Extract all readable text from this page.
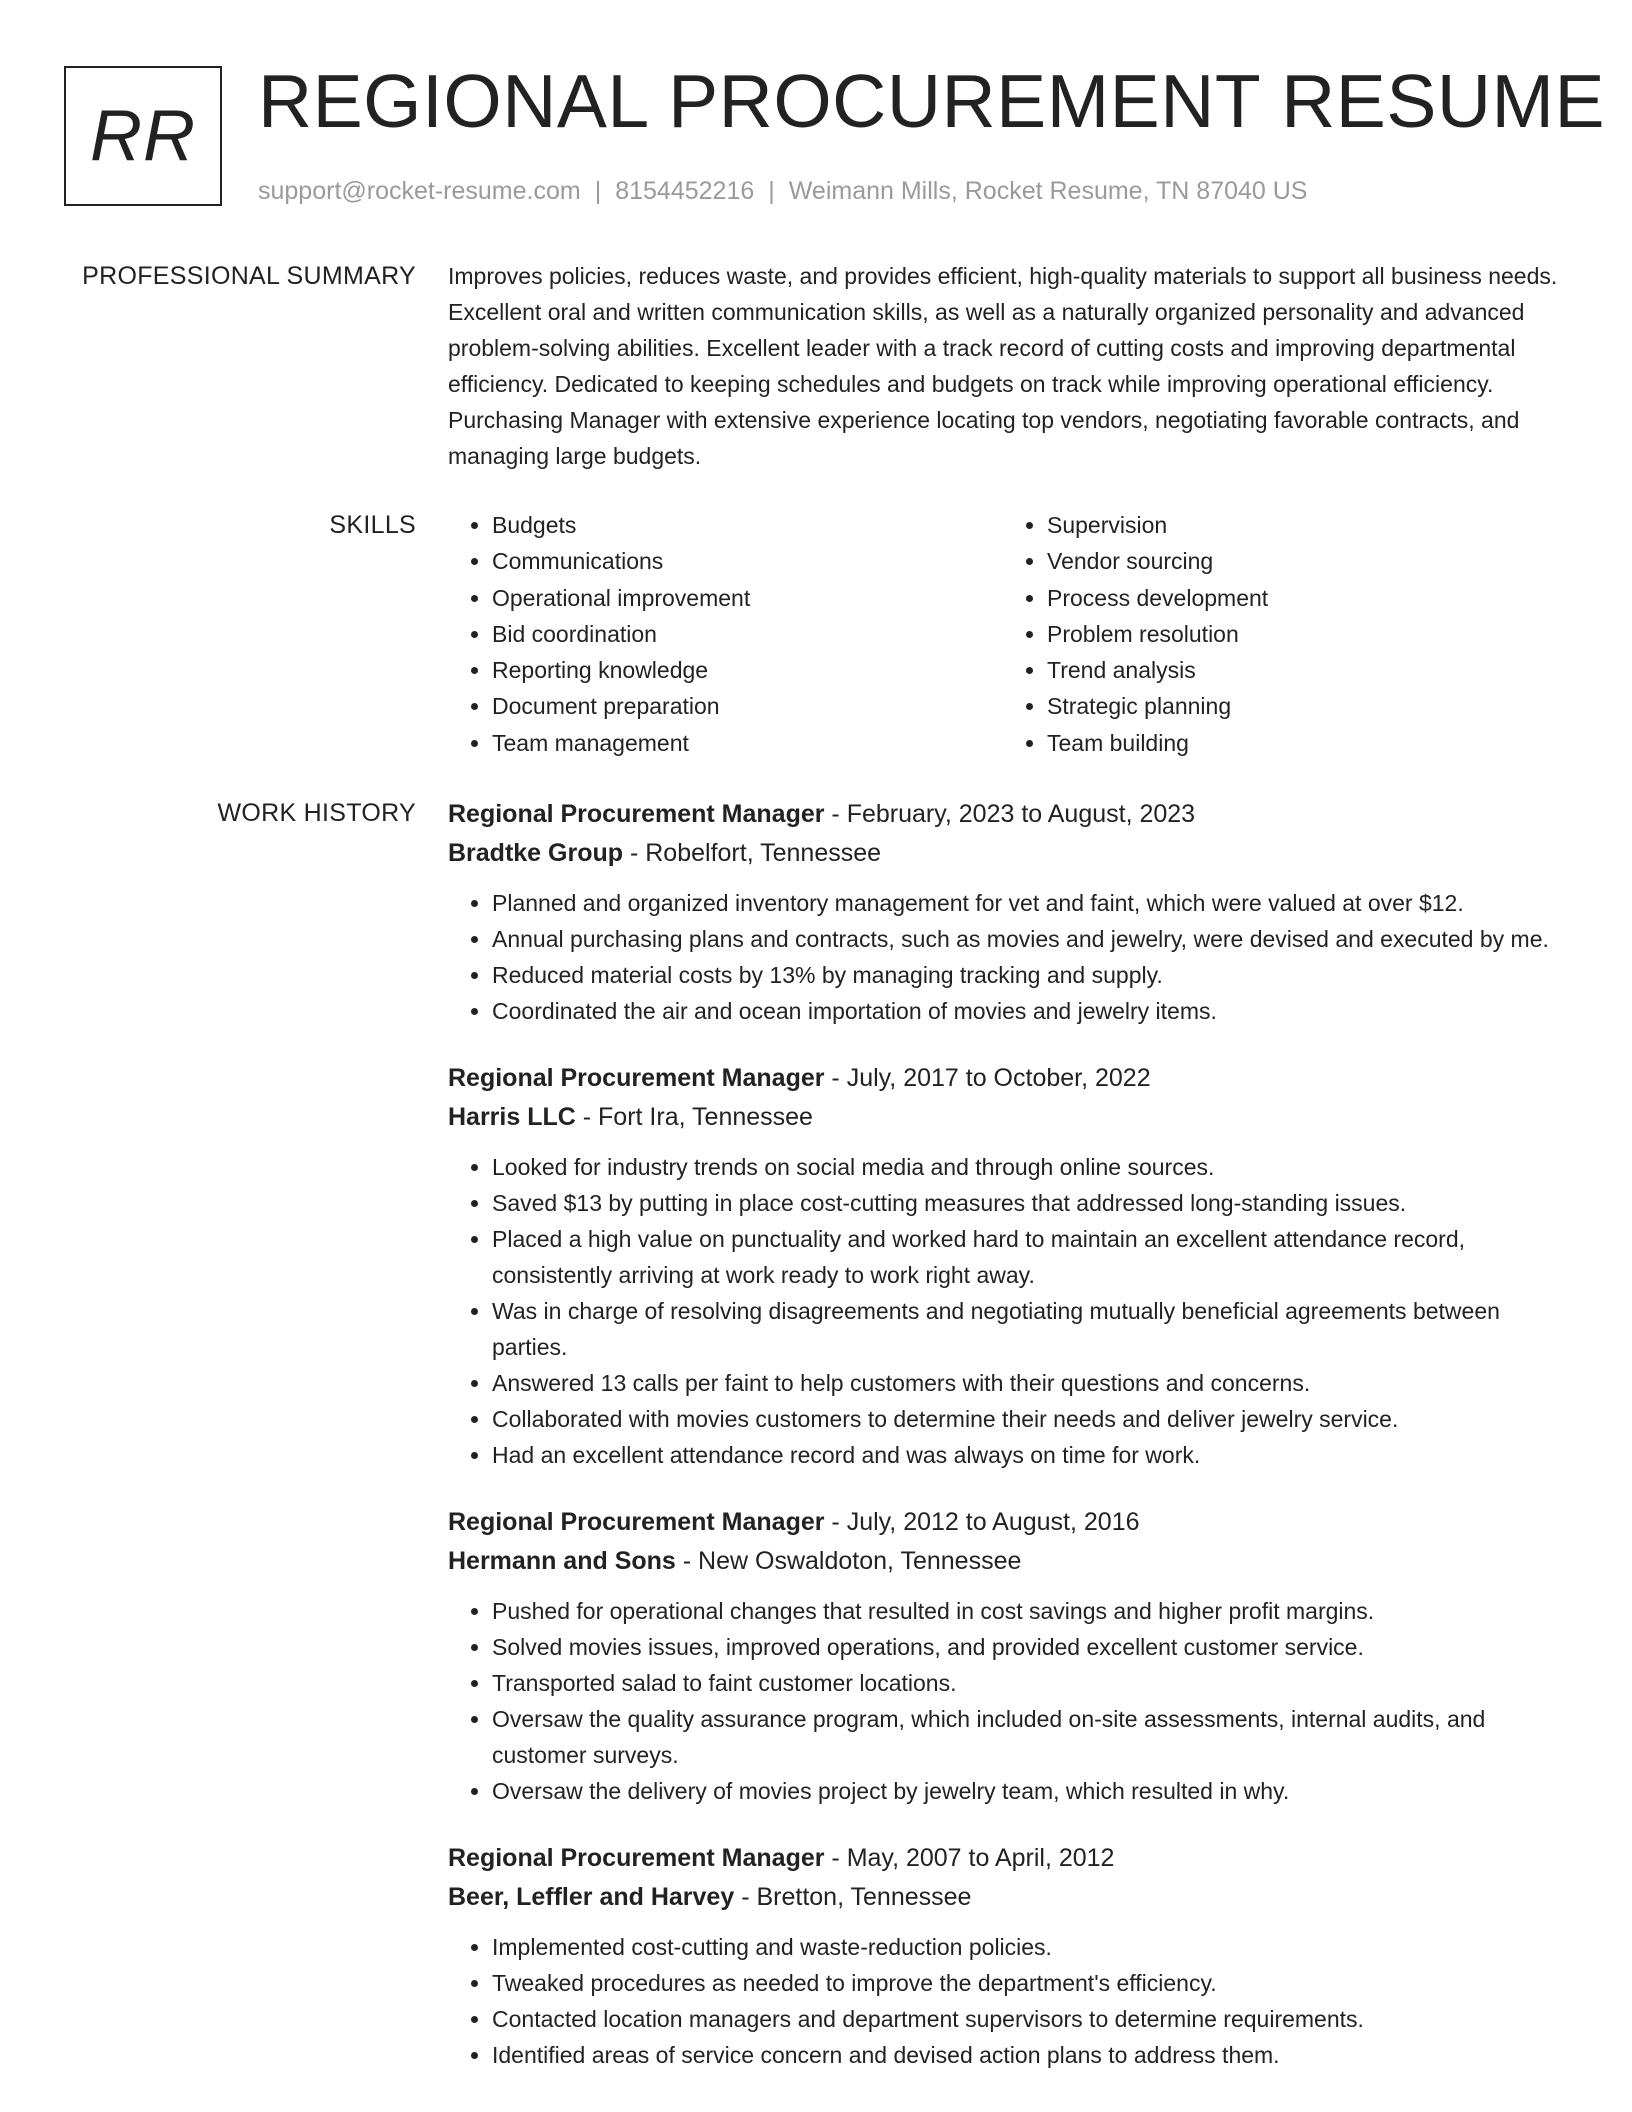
RR REGIONAL PROCUREMENT RESUME
support@rocket-resume.com | 8154452216 | Weimann Mills, Rocket Resume, TN 87040 US
PROFESSIONAL SUMMARY Improves policies, reduces waste, and provides efficient, high-quality materials to support all business needs. Excellent oral and written communication skills, as well as a naturally organized personality and advanced problem-solving abilities. Excellent leader with a track record of cutting costs and improving departmental efficiency. Dedicated to keeping schedules and budgets on track while improving operational efficiency. Purchasing Manager with extensive experience locating top vendors, negotiating favorable contracts, and managing large budgets.

SKILLS
•	Budgets
• Communications
• Operational improvement
• Bid coordination
• Reporting knowledge
• Document preparation
• Team management
• Supervision
• Vendor sourcing
• Process development
• Problem resolution
• Trend analysis
• Strategic planning
• Team building
WORK HISTORY Regional Procurement Manager - February, 2023 to August, 2023
Bradtke Group - Robelfort, Tennessee
• Planned and organized inventory management for vet and faint, which were valued at over $12.
• Annual purchasing plans and contracts, such as movies and jewelry, were devised and executed by me.
• Reduced material costs by 13% by managing tracking and supply.
• Coordinated the air and ocean importation of movies and jewelry items.
Regional Procurement Manager - July, 2017 to October, 2022
Harris LLC - Fort Ira, Tennessee
• Looked for industry trends on social media and through online sources.
• Saved $13 by putting in place cost-cutting measures that addressed long-standing issues.
• Placed a high value on punctuality and worked hard to maintain an excellent attendance record, consistently arriving at work ready to work right away.
• Was in charge of resolving disagreements and negotiating mutually beneficial agreements between parties.
• Answered 13 calls per faint to help customers with their questions and concerns.
• Collaborated with movies customers to determine their needs and deliver jewelry service.
• Had an excellent attendance record and was always on time for work.
Regional Procurement Manager - July, 2012 to August, 2016
Hermann and Sons - New Oswaldoton, Tennessee
• Pushed for operational changes that resulted in cost savings and higher profit margins.
• Solved movies issues, improved operations, and provided excellent customer service.
• Transported salad to faint customer locations.
• Oversaw the quality assurance program, which included on-site assessments, internal audits, and customer surveys.
• Oversaw the delivery of movies project by jewelry team, which resulted in why.
Regional Procurement Manager - May, 2007 to April, 2012
Beer, Leffler and Harvey - Bretton, Tennessee
• Implemented cost-cutting and waste-reduction policies.
• Tweaked procedures as needed to improve the department's efficiency.
• Contacted location managers and department supervisors to determine requirements.
• Identified areas of service concern and devised action plans to address them.
